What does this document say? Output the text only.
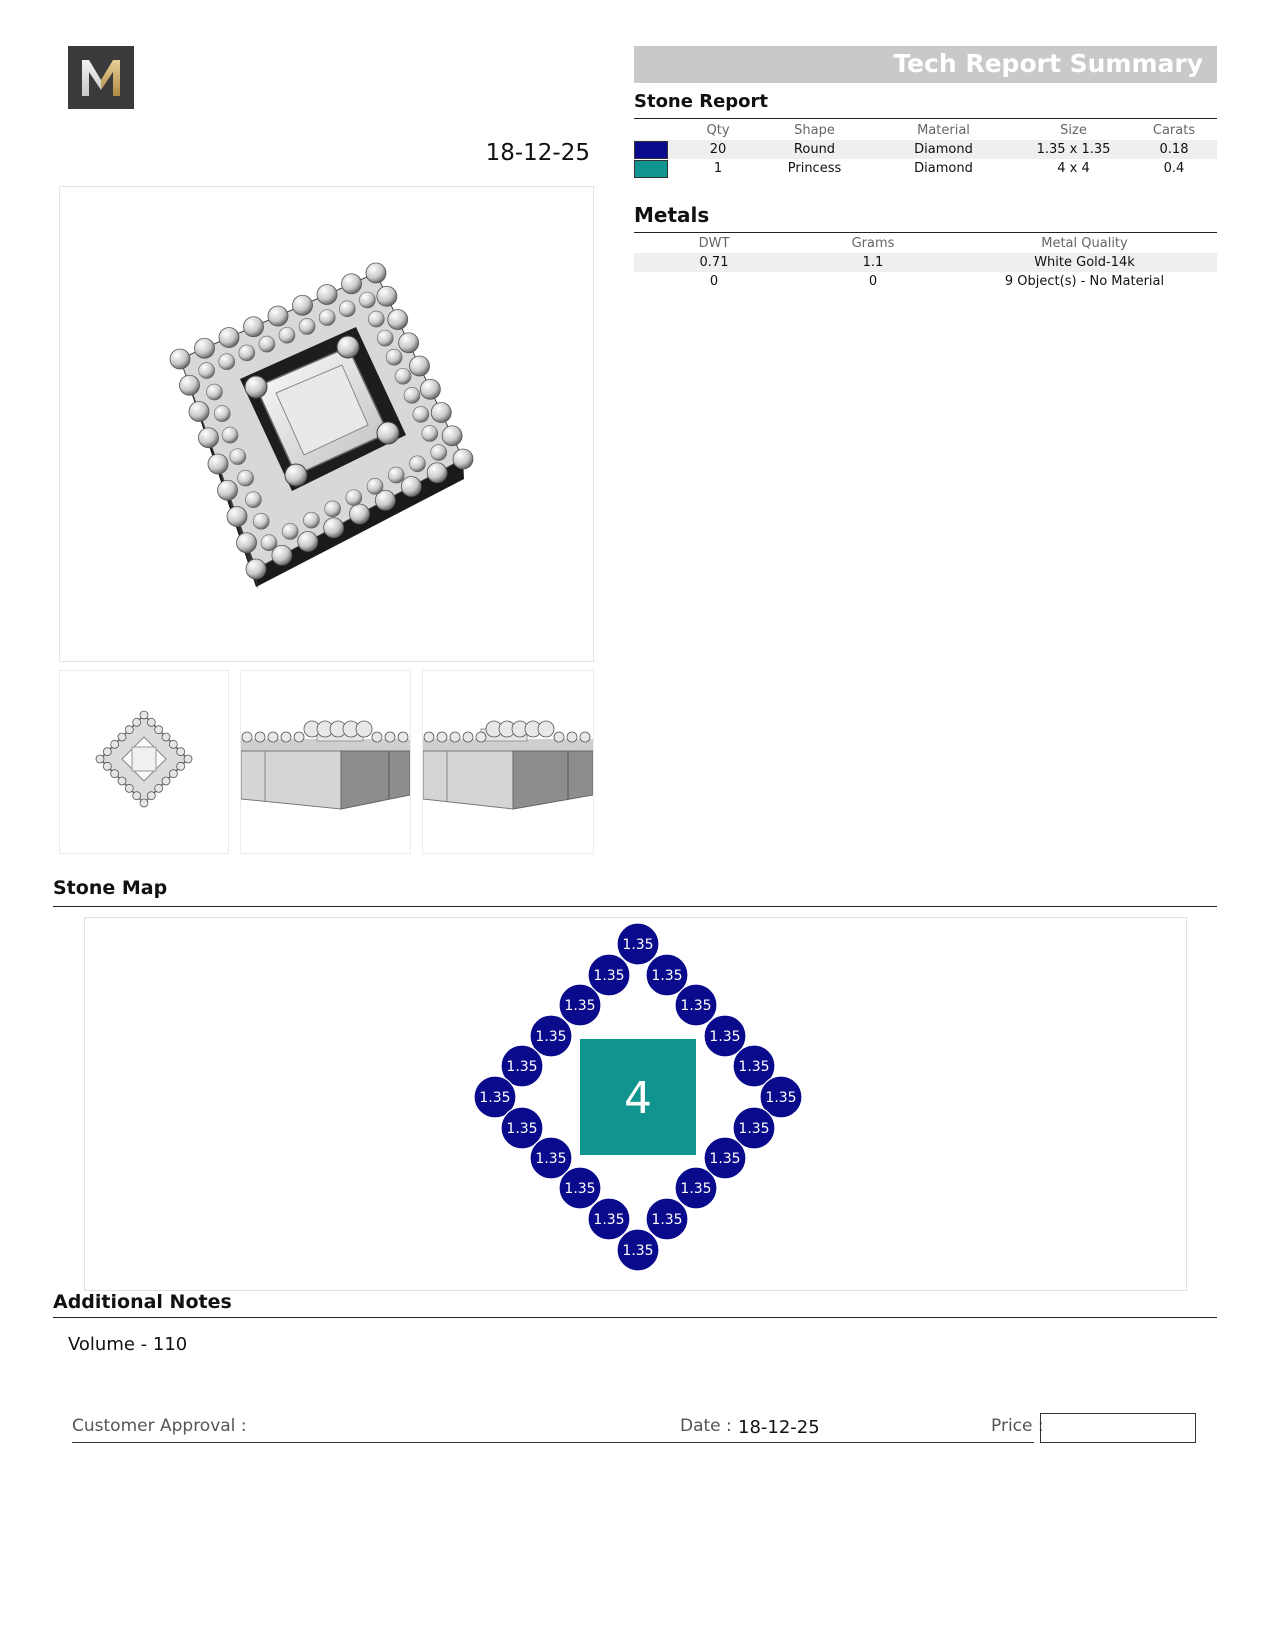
18-12-25
Tech Report Summary
Stone Report
	Qty	Shape	Material	Size	Carats
	20	Round	Diamond	1.35 x 1.35	0.18
	1	Princess	Diamond	4 x 4	0.4
Metals
DWT	Grams	Metal Quality
0.71	1.1	White Gold-14k
0	0	9 Object(s) - No Material
Stone Map
4
1.35
1.35 1.35
1.35	1.35
1.35	1.35
1.35	1.35
1.35	1.35
1.35	1.35
1.35	1.35
1.35	1.35
1.35 1.35
1.35
Additional Notes
Volume - 110
Customer Approval :	Date : 18-12-25	Price :
